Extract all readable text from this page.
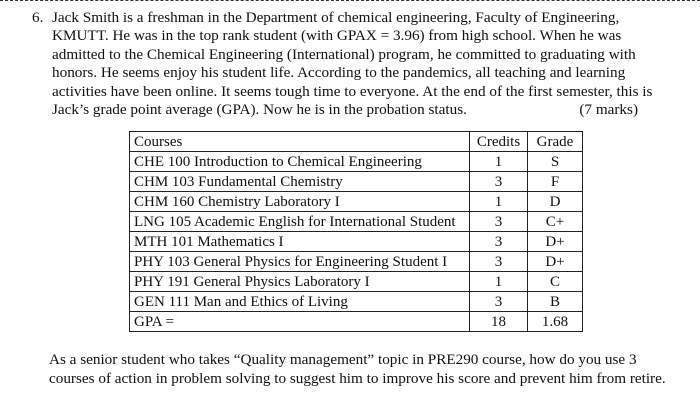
6. Jack Smith is a freshman in the Department of chemical engineering, Faculty of Engineering,
KMUTT. He was in the top rank student (with GPAX = 3.96) from high school. When he was
admitted to the Chemical Engineering (International) program, he committed to graduating with
honors. He seems enjoy his student life. According to the pandemics, all teaching and learning
activities have been online. It seems tough time to everyone. At the end of the first semester, this is
Jack’s grade point average (GPA). Now he is in the probation status.	(7 marks)
Courses	Credits	Grade
CHE 100 Introduction to Chemical Engineering	1	S
CHM 103 Fundamental Chemistry	3	F
CHM 160 Chemistry Laboratory I	1	D
LNG 105 Academic English for International Student	3	C+
MTH 101 Mathematics I	3	D+
PHY 103 General Physics for Engineering Student I	3	D+
PHY 191 General Physics Laboratory I	1	C
GEN 111 Man and Ethics of Living	3	B
GPA =	18	1.68
As a senior student who takes “Quality management” topic in PRE290 course, how do you use 3
courses of action in problem solving to suggest him to improve his score and prevent him from retire.
